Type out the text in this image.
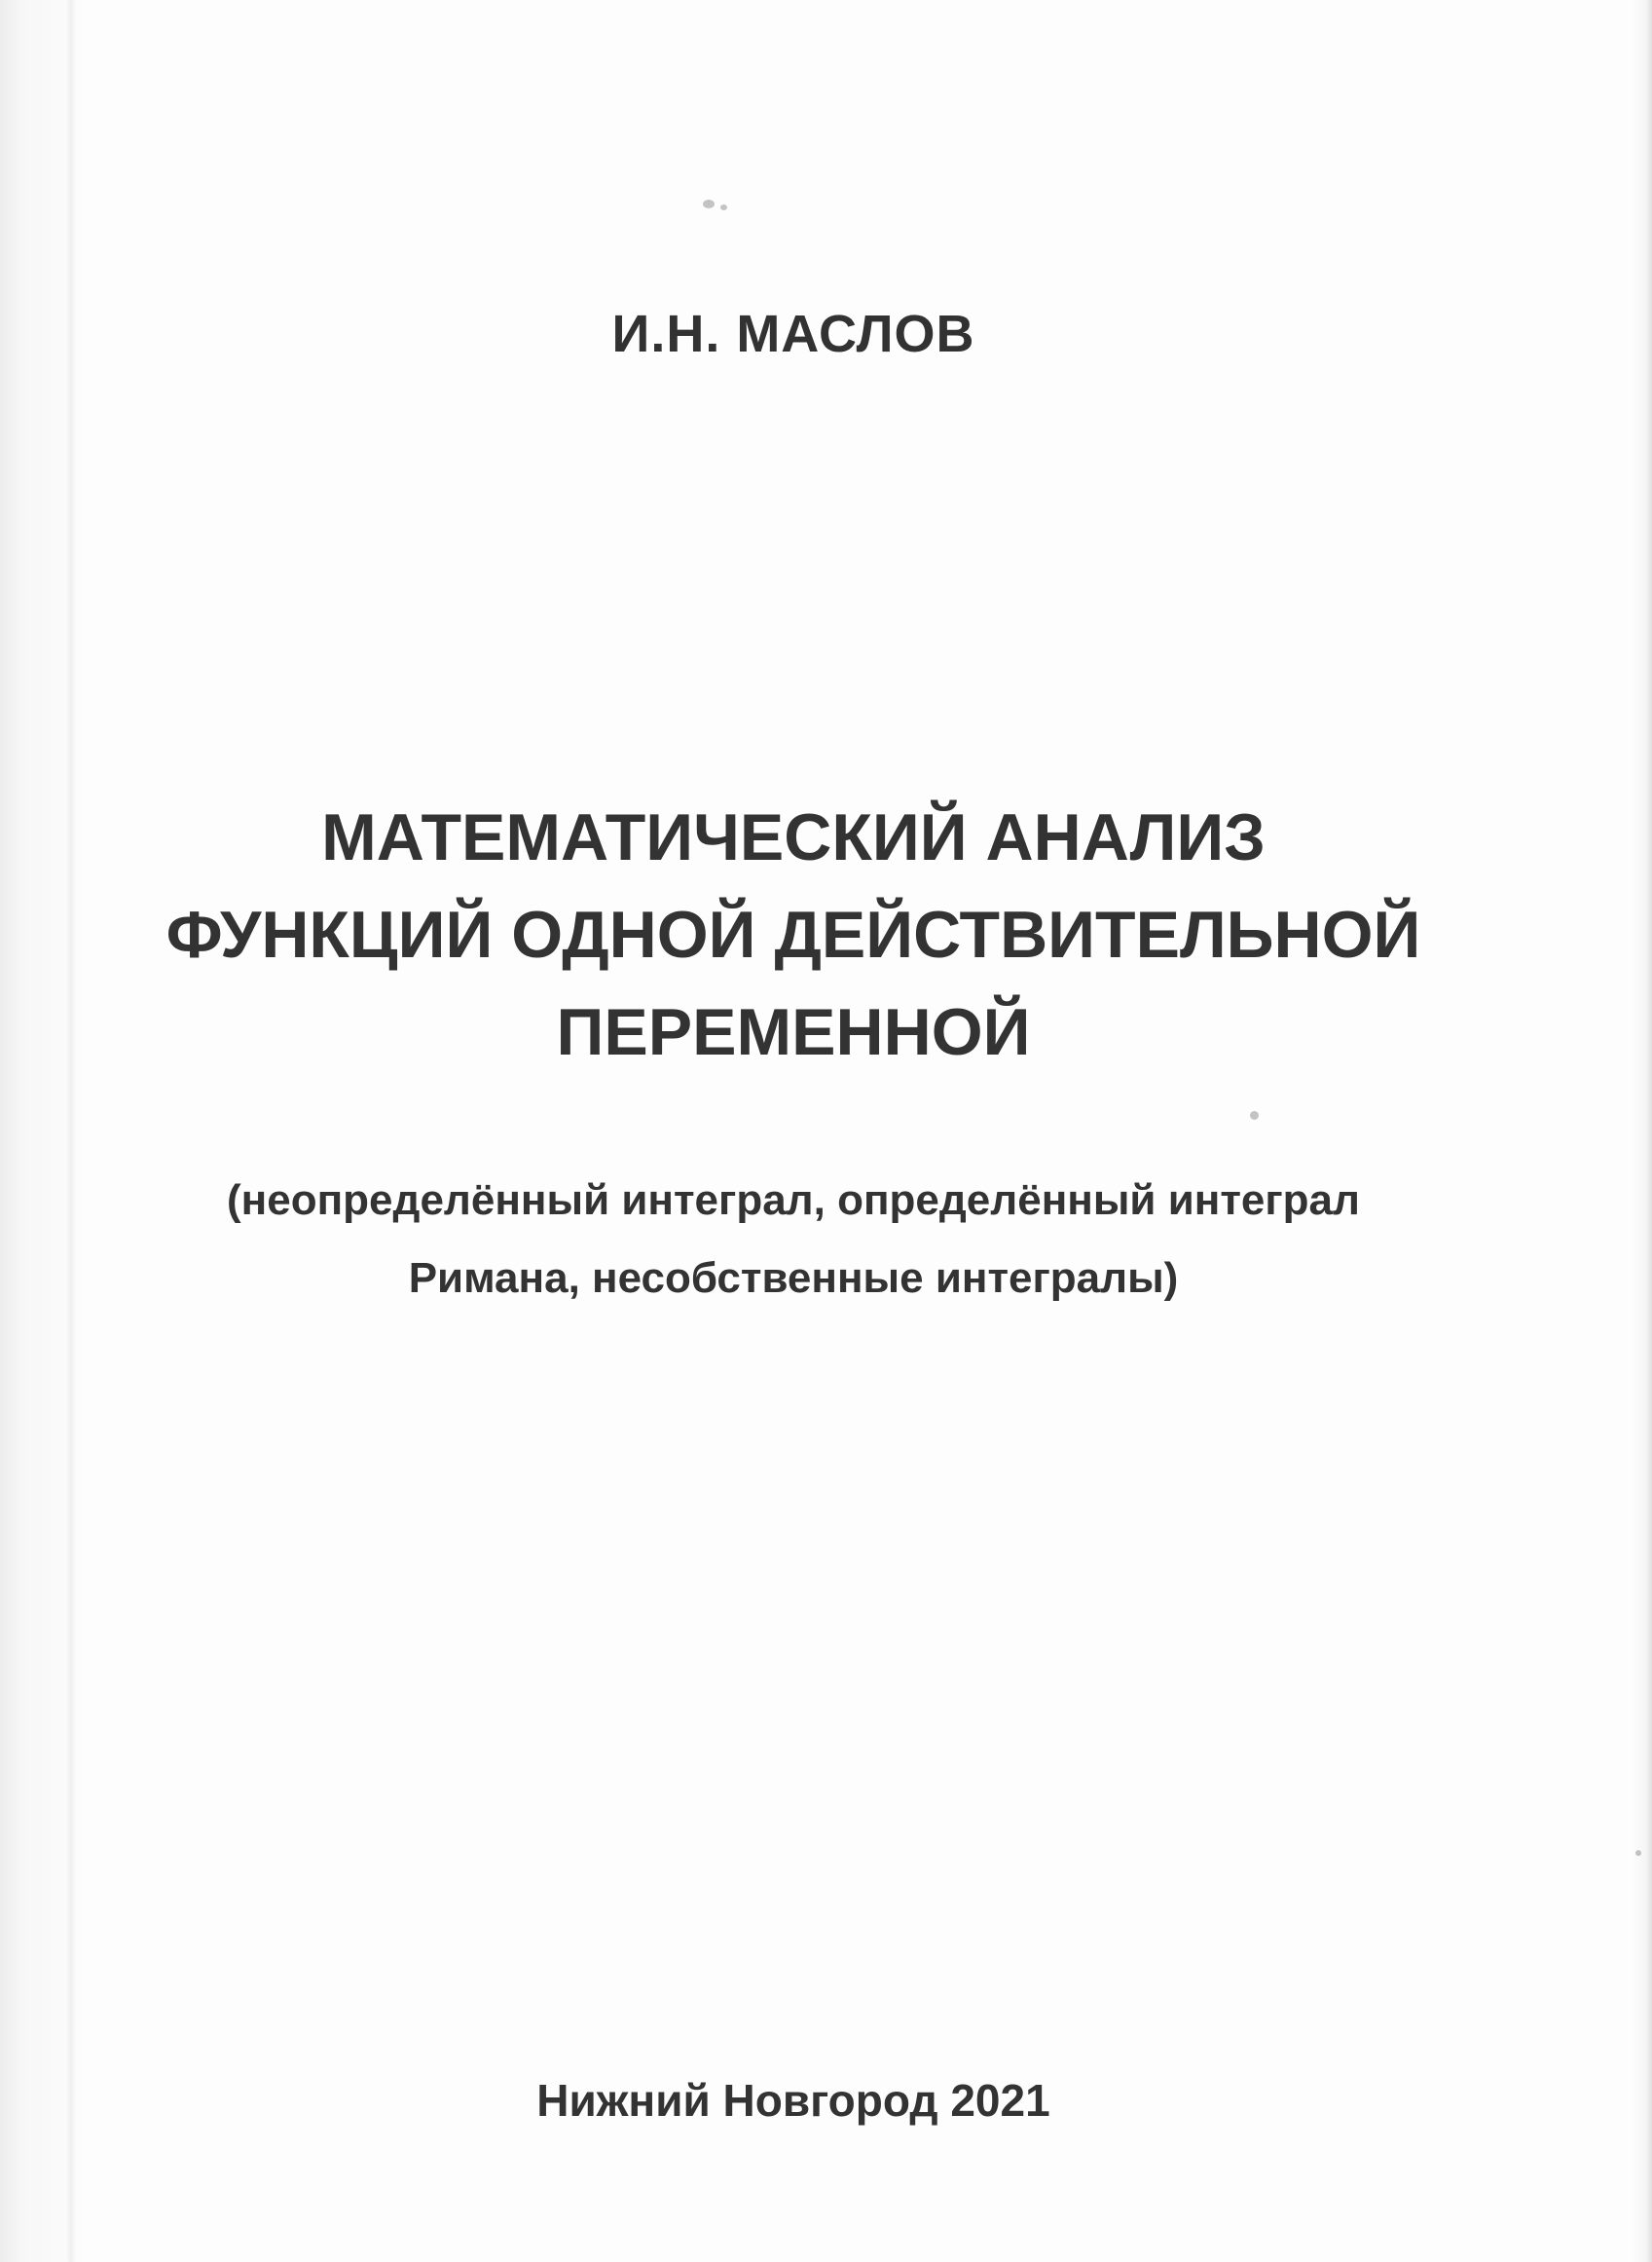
И.Н. МАСЛОВ
МАТЕМАТИЧЕСКИЙ АНАЛИЗ
ФУНКЦИЙ ОДНОЙ ДЕЙСТВИТЕЛЬНОЙ
ПЕРЕМЕННОЙ
(неопределённый интеграл, определённый интеграл
Римана, несобственные интегралы)
Нижний Новгород 2021
